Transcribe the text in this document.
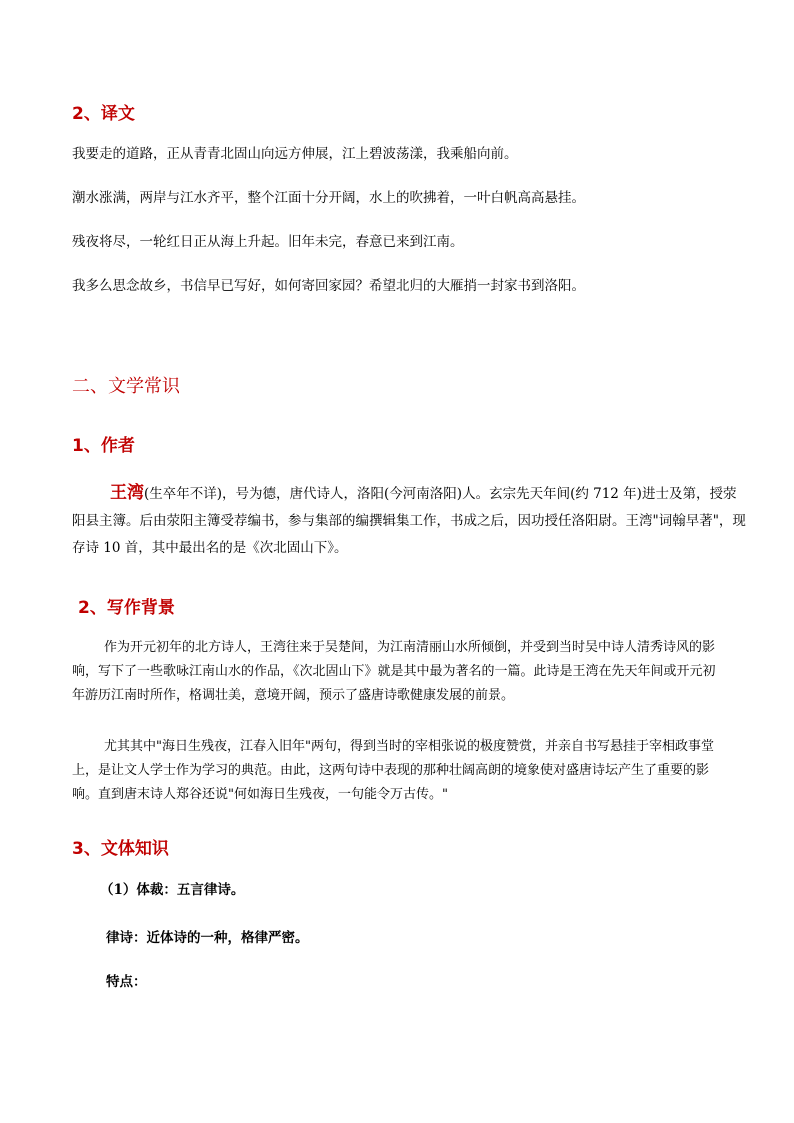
2、译文
我要走的道路，正从青青北固山向远方伸展，江上碧波荡漾，我乘船向前。
潮水涨满，两岸与江水齐平，整个江面十分开阔，水上的吹拂着，一叶白帆高高悬挂。
残夜将尽，一轮红日正从海上升起。旧年未完，春意已来到江南。
我多么思念故乡，书信早已写好，如何寄回家园？希望北归的大雁捎一封家书到洛阳。
二、文学常识
1、作者
王湾(生卒年不详)，号为德，唐代诗人，洛阳(今河南洛阳)人。玄宗先天年间(约 712 年)进士及第，授荥阳县主簿。后由荥阳主簿受荐编书，参与集部的编撰辑集工作，书成之后，因功授任洛阳尉。王湾"词翰早著"，现存诗 10 首，其中最出名的是《次北固山下》。
2、写作背景
作为开元初年的北方诗人，王湾往来于吴楚间，为江南清丽山水所倾倒，并受到当时吴中诗人清秀诗风的影响，写下了一些歌咏江南山水的作品，《次北固山下》就是其中最为著名的一篇。此诗是王湾在先天年间或开元初年游历江南时所作，格调壮美，意境开阔，预示了盛唐诗歌健康发展的前景。
尤其其中"海日生残夜，江春入旧年"两句，得到当时的宰相张说的极度赞赏，并亲自书写悬挂于宰相政事堂上，是让文人学士作为学习的典范。由此，这两句诗中表现的那种壮阔高朗的境象使对盛唐诗坛产生了重要的影响。直到唐末诗人郑谷还说"何如海日生残夜，一句能令万古传。"
3、文体知识
（1）体裁：五言律诗。
律诗：近体诗的一种，格律严密。
特点：
